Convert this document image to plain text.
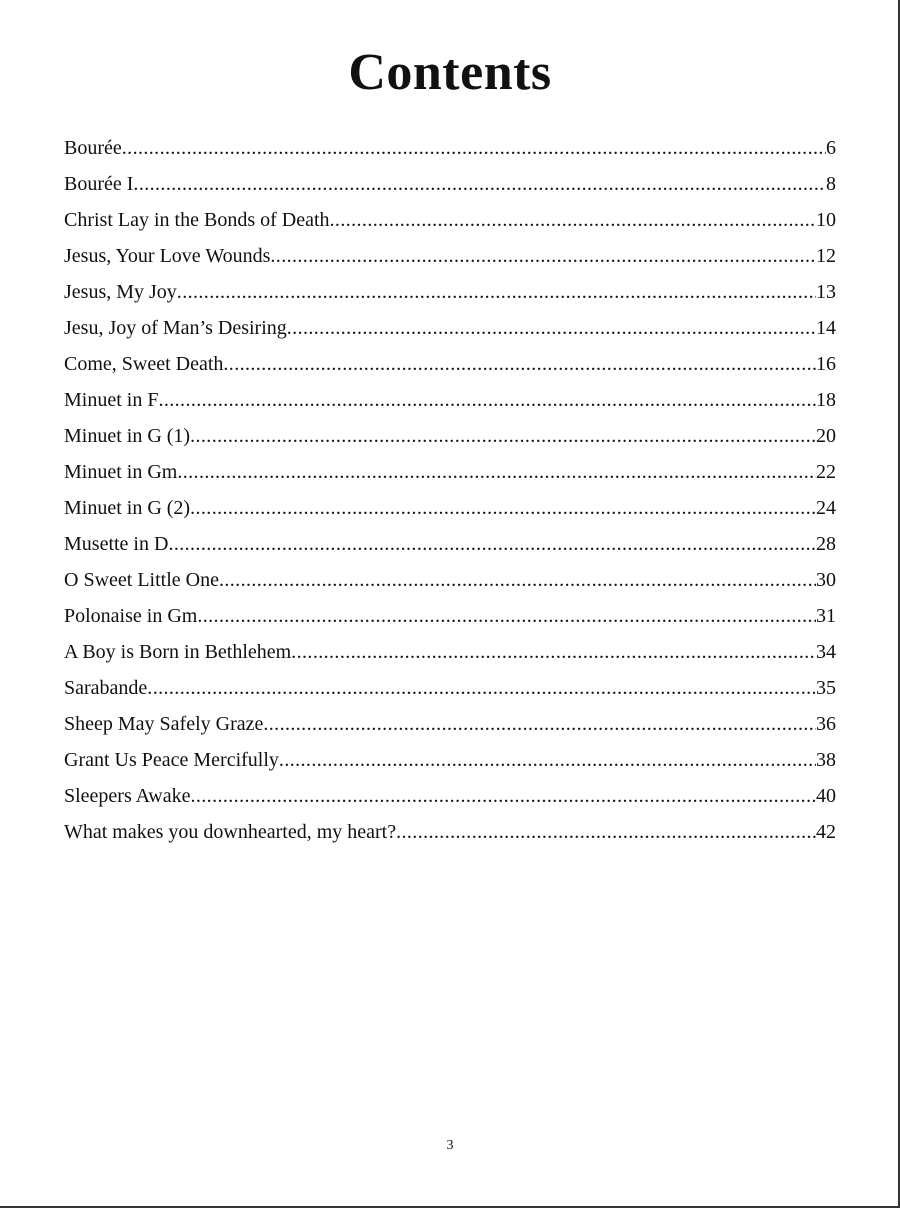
Contents
Bourée .....	6
Bourée I .....	8
Christ Lay in the Bonds of Death .....	10
Jesus, Your Love Wounds .....	12
Jesus, My Joy .....	13
Jesu, Joy of Man’s Desiring .....	14
Come, Sweet Death .....	16
Minuet in F .....	18
Minuet in G (1) .....	20
Minuet in Gm .....	22
Minuet in G (2) .....	24
Musette in D .....	28
O Sweet Little One .....	30
Polonaise in Gm .....	31
A Boy is Born in Bethlehem .....	34
Sarabande .....	35
Sheep May Safely Graze .....	36
Grant Us Peace Mercifully .....	38
Sleepers Awake .....	40
What makes you downhearted, my heart? .....	42
3
